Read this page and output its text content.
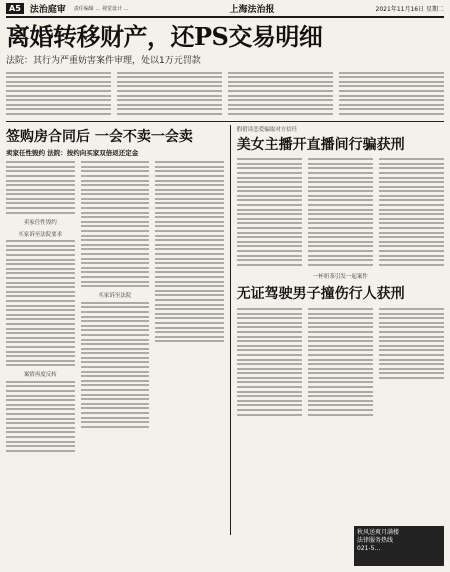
A5	法治庭审 责任编辑 … 视觉设计 …	上海法治报	2021年11月16日 星期二
离婚转移财产，还PS交易明细
法院：其行为严重妨害案件审理，处以1万元罚款
签购房合同后 一会不卖一会卖
卖家任性毁约 法院：按约向买家双倍返还定金
卖家任性毁约
买家诉至法院要求
案情再度反转
买家诉至法院
假借谈恋爱骗取对方信任
美女主播开直播间行骗获刑
一杯奶茶引发一起案件
无证驾驶男子撞伤行人获刑
秋风送爽月满楼
法律服务热线
021-5…
